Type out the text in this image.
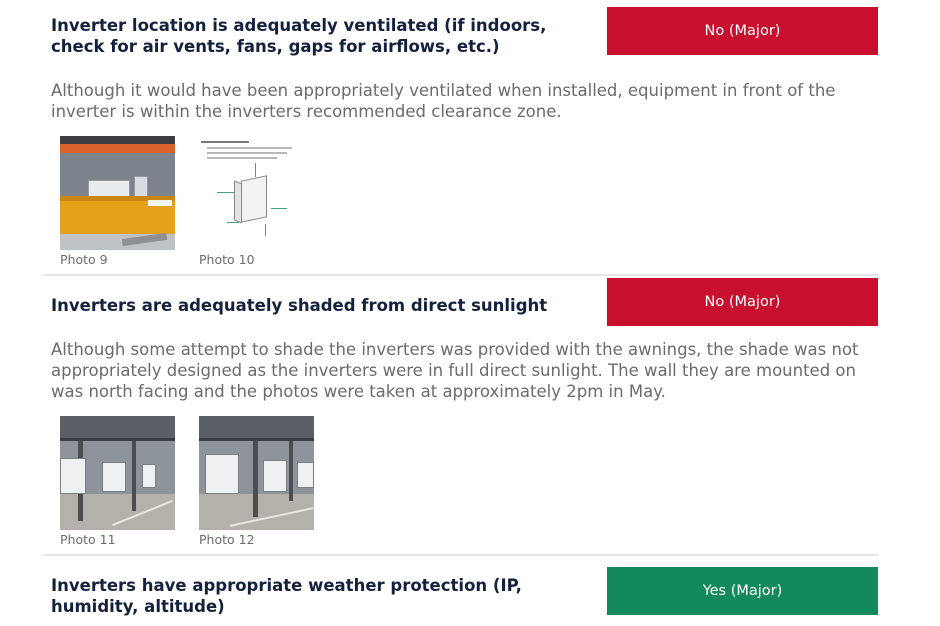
Inverter location is adequately ventilated (if indoors, check for air vents, fans, gaps for airflows, etc.)
No (Major)
Although it would have been appropriately ventilated when installed, equipment in front of the inverter is within the inverters recommended clearance zone.
Photo 9	Photo 10
Inverters are adequately shaded from direct sunlight	No (Major)
Although some attempt to shade the inverters was provided with the awnings, the shade was not appropriately designed as the inverters were in full direct sunlight. The wall they are mounted on was north facing and the photos were taken at approximately 2pm in May.
Photo 11	Photo 12
Inverters have appropriate weather protection (IP, humidity, altitude)
Yes (Major)
